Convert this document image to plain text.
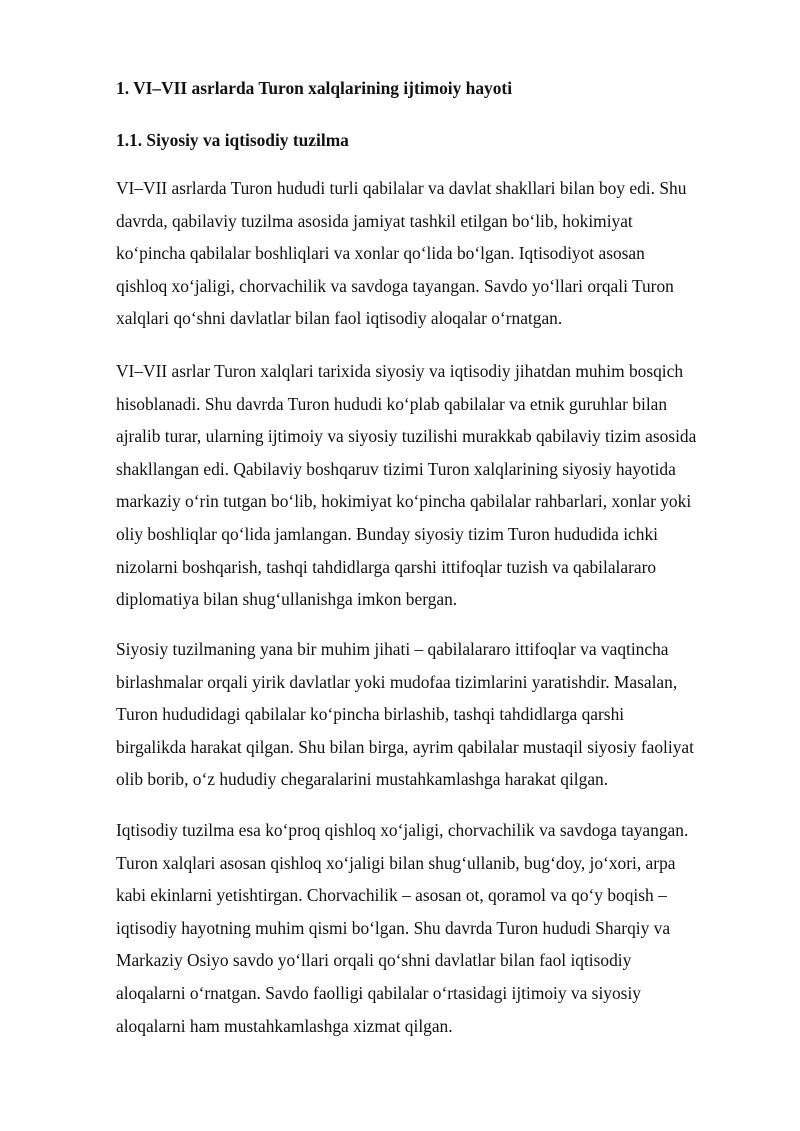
1. VI–VII asrlarda Turon xalqlarining ijtimoiy hayoti
1.1. Siyosiy va iqtisodiy tuzilma

VI–VII asrlarda Turon hududi turli qabilalar va davlat shakllari bilan boy edi. Shu
davrda, qabilaviy tuzilma asosida jamiyat tashkil etilgan bo‘lib, hokimiyat
ko‘pincha qabilalar boshliqlari va xonlar qo‘lida bo‘lgan. Iqtisodiyot asosan
qishloq xo‘jaligi, chorvachilik va savdoga tayangan. Savdo yo‘llari orqali Turon
xalqlari qo‘shni davlatlar bilan faol iqtisodiy aloqalar o‘rnatgan.

VI–VII asrlar Turon xalqlari tarixida siyosiy va iqtisodiy jihatdan muhim bosqich
hisoblanadi. Shu davrda Turon hududi ko‘plab qabilalar va etnik guruhlar bilan
ajralib turar, ularning ijtimoiy va siyosiy tuzilishi murakkab qabilaviy tizim asosida
shakllangan edi. Qabilaviy boshqaruv tizimi Turon xalqlarining siyosiy hayotida
markaziy o‘rin tutgan bo‘lib, hokimiyat ko‘pincha qabilalar rahbarlari, xonlar yoki
oliy boshliqlar qo‘lida jamlangan. Bunday siyosiy tizim Turon hududida ichki
nizolarni boshqarish, tashqi tahdidlarga qarshi ittifoqlar tuzish va qabilalararo
diplomatiya bilan shug‘ullanishga imkon bergan.

Siyosiy tuzilmaning yana bir muhim jihati – qabilalararo ittifoqlar va vaqtincha
birlashmalar orqali yirik davlatlar yoki mudofaa tizimlarini yaratishdir. Masalan,
Turon hududidagi qabilalar ko‘pincha birlashib, tashqi tahdidlarga qarshi
birgalikda harakat qilgan. Shu bilan birga, ayrim qabilalar mustaqil siyosiy faoliyat
olib borib, o‘z hududiy chegaralarini mustahkamlashga harakat qilgan.

Iqtisodiy tuzilma esa ko‘proq qishloq xo‘jaligi, chorvachilik va savdoga tayangan.
Turon xalqlari asosan qishloq xo‘jaligi bilan shug‘ullanib, bug‘doy, jo‘xori, arpa
kabi ekinlarni yetishtirgan. Chorvachilik – asosan ot, qoramol va qo‘y boqish –
iqtisodiy hayotning muhim qismi bo‘lgan. Shu davrda Turon hududi Sharqiy va
Markaziy Osiyo savdo yo‘llari orqali qo‘shni davlatlar bilan faol iqtisodiy
aloqalarni o‘rnatgan. Savdo faolligi qabilalar o‘rtasidagi ijtimoiy va siyosiy
aloqalarni ham mustahkamlashga xizmat qilgan.
